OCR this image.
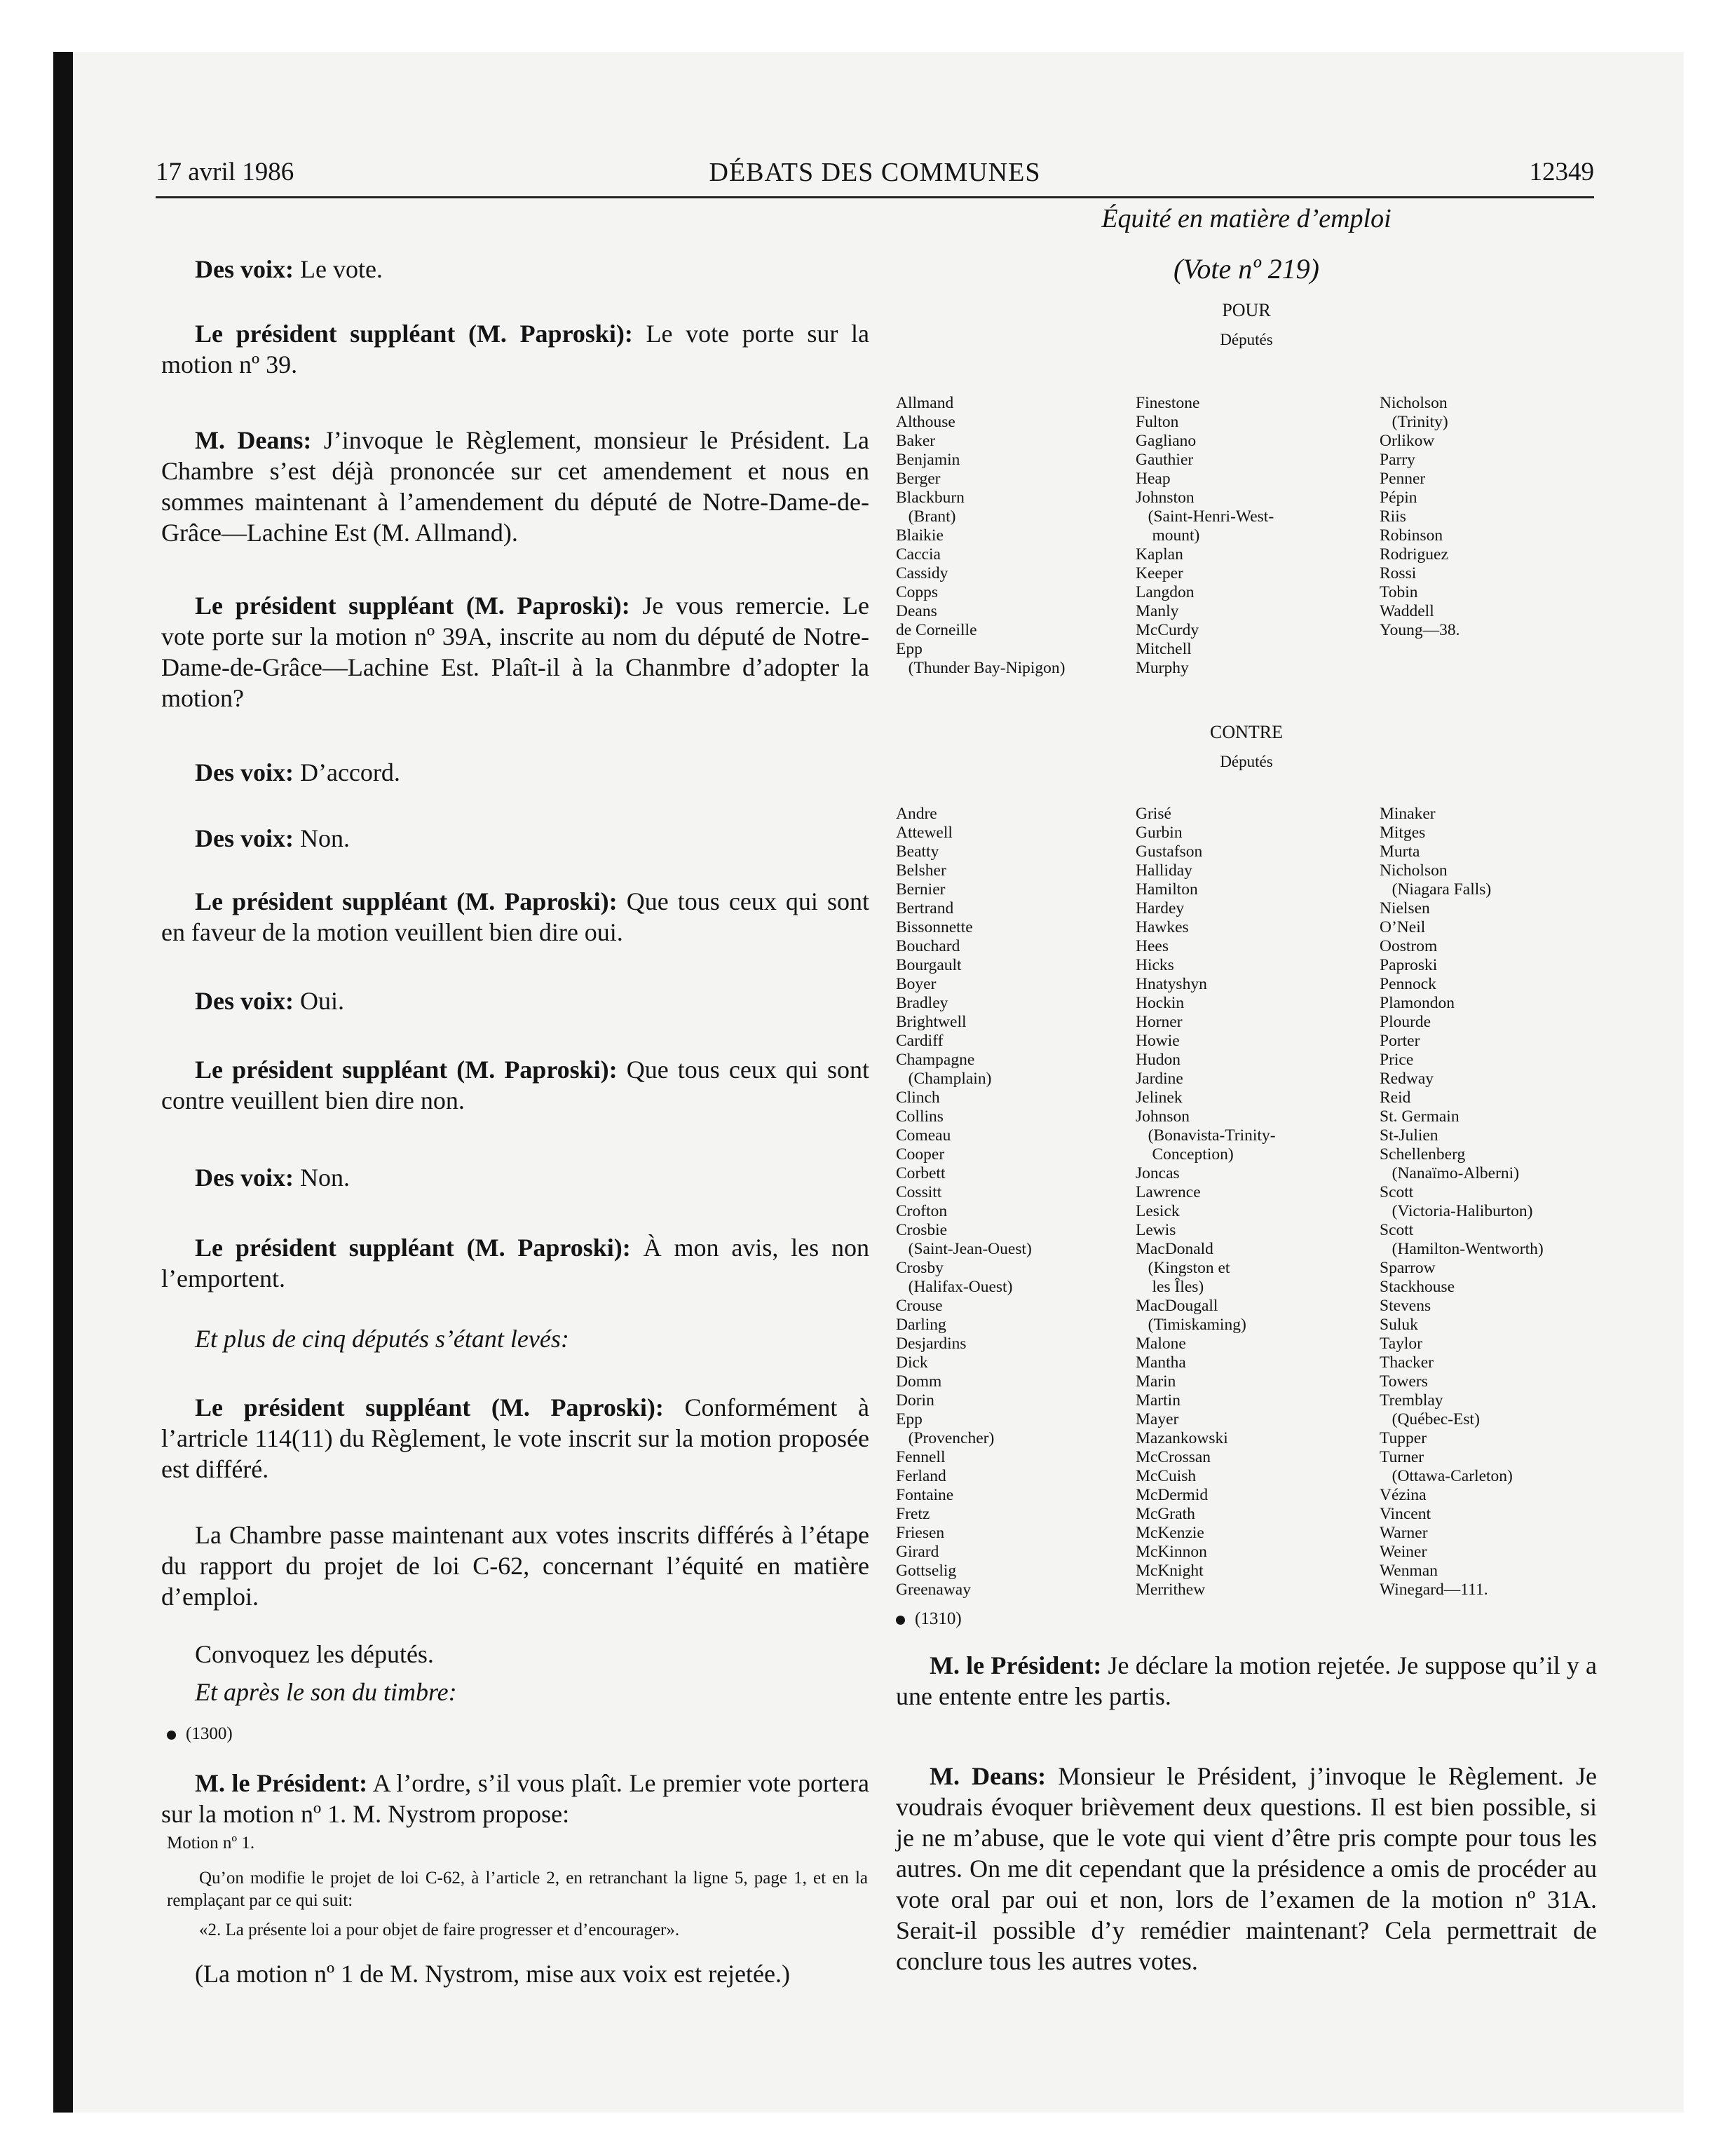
17 avril 1986	DÉBATS DES COMMUNES	12349

Des voix: Le vote.

Le président suppléant (M. Paproski): Le vote porte sur la motion nº 39.

M. Deans: J’invoque le Règlement, monsieur le Président. La Chambre s’est déjà prononcée sur cet amendement et nous en sommes maintenant à l’amendement du député de Notre-Dame-de-Grâce—Lachine Est (M. Allmand).

Le président suppléant (M. Paproski): Je vous remercie. Le vote porte sur la motion nº 39A, inscrite au nom du député de Notre-Dame-de-Grâce—Lachine Est. Plaît-il à la Chanmbre d’adopter la motion?

Des voix: D’accord.

Des voix: Non.

Le président suppléant (M. Paproski): Que tous ceux qui sont en faveur de la motion veuillent bien dire oui.

Des voix: Oui.

Le président suppléant (M. Paproski): Que tous ceux qui sont contre veuillent bien dire non.

Des voix: Non.

Le président suppléant (M. Paproski): À mon avis, les non l’emportent.

Et plus de cinq députés s’étant levés:

Le président suppléant (M. Paproski): Conformément à l’artricle 114(11) du Règlement, le vote inscrit sur la motion proposée est différé.

La Chambre passe maintenant aux votes inscrits différés à l’étape du rapport du projet de loi C-62, concernant l’équité en matière d’emploi.

Convoquez les députés.

Et après le son du timbre:

(1300)

M. le Président: A l’ordre, s’il vous plaît. Le premier vote portera sur la motion nº 1. M. Nystrom propose:

Motion nº 1.
Qu’on modifie le projet de loi C-62, à l’article 2, en retranchant la ligne 5, page 1, et en la remplaçant par ce qui suit:
«2. La présente loi a pour objet de faire progresser et d’encourager».

(La motion nº 1 de M. Nystrom, mise aux voix est rejetée.)

Équité en matière d’emploi
(Vote nº 219)
POUR
Députés
Allmand
Althouse
Baker
Benjamin
Berger
Blackburn
(Brant)
Blaikie
Caccia
Cassidy
Copps
Deans
de Corneille
Epp
(Thunder Bay-Nipigon)
Finestone
Fulton
Gagliano
Gauthier
Heap
Johnston
(Saint-Henri-West-
mount)
Kaplan
Keeper
Langdon
Manly
McCurdy
Mitchell
Murphy
Nicholson
(Trinity)
Orlikow
Parry
Penner
Pépin
Riis
Robinson
Rodriguez
Rossi
Tobin
Waddell
Young—38.
CONTRE
Députés
Andre
Attewell
Beatty
Belsher
Bernier
Bertrand
Bissonnette
Bouchard
Bourgault
Boyer
Bradley
Brightwell
Cardiff
Champagne
(Champlain)
Clinch
Collins
Comeau
Cooper
Corbett
Cossitt
Crofton
Crosbie
(Saint-Jean-Ouest)
Crosby
(Halifax-Ouest)
Crouse
Darling
Desjardins
Dick
Domm
Dorin
Epp
(Provencher)
Fennell
Ferland
Fontaine
Fretz
Friesen
Girard
Gottselig
Greenaway
Grisé
Gurbin
Gustafson
Halliday
Hamilton
Hardey
Hawkes
Hees
Hicks
Hnatyshyn
Hockin
Horner
Howie
Hudon
Jardine
Jelinek
Johnson
(Bonavista-Trinity-
Conception)
Joncas
Lawrence
Lesick
Lewis
MacDonald
(Kingston et
les Îles)
MacDougall
(Timiskaming)
Malone
Mantha
Marin
Martin
Mayer
Mazankowski
McCrossan
McCuish
McDermid
McGrath
McKenzie
McKinnon
McKnight
Merrithew
Minaker
Mitges
Murta
Nicholson
(Niagara Falls)
Nielsen
O’Neil
Oostrom
Paproski
Pennock
Plamondon
Plourde
Porter
Price
Redway
Reid
St. Germain
St-Julien
Schellenberg
(Nanaïmo-Alberni)
Scott
(Victoria-Haliburton)
Scott
(Hamilton-Wentworth)
Sparrow
Stackhouse
Stevens
Suluk
Taylor
Thacker
Towers
Tremblay
(Québec-Est)
Tupper
Turner
(Ottawa-Carleton)
Vézina
Vincent
Warner
Weiner
Wenman
Winegard—111.
(1310)

M. le Président: Je déclare la motion rejetée. Je suppose qu’il y a une entente entre les partis.

M. Deans: Monsieur le Président, j’invoque le Règlement. Je voudrais évoquer brièvement deux questions. Il est bien possible, si je ne m’abuse, que le vote qui vient d’être pris compte pour tous les autres. On me dit cependant que la présidence a omis de procéder au vote oral par oui et non, lors de l’examen de la motion nº 31A. Serait-il possible d’y remédier maintenant? Cela permettrait de conclure tous les autres votes.
